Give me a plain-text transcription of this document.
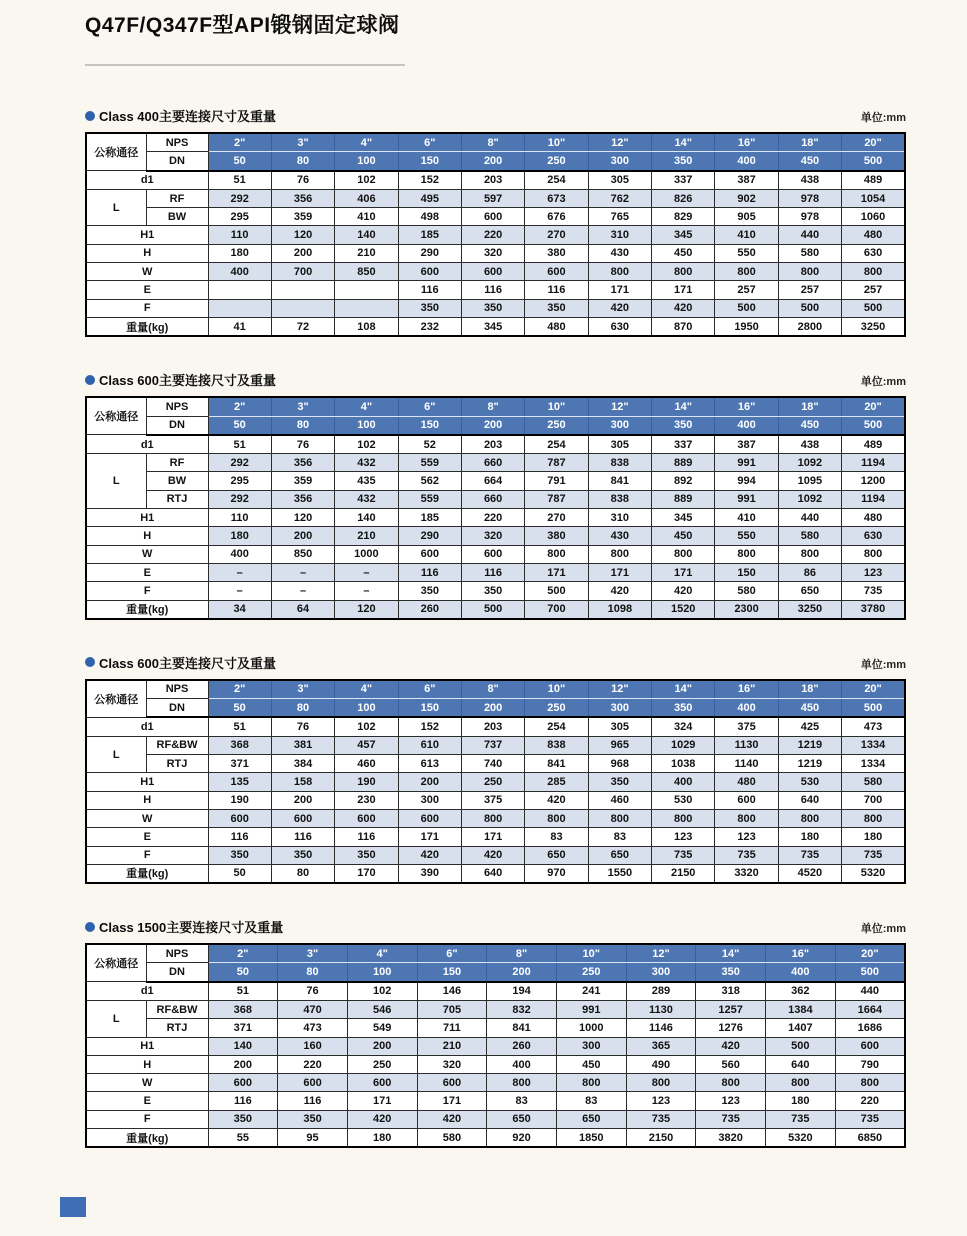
Q47F/Q347F型API锻钢固定球阀
Class 400主要连接尺寸及重量	单位:mm
公称通径	NPS	2"	3"	4"	6"	8"	10"	12"	14"	16"	18"	20"
	DN	50	80	100	150	200	250	300	350	400	450	500
d1		51	76	102	152	203	254	305	337	387	438	489
L	RF	292	356	406	495	597	673	762	826	902	978	1054
	BW	295	359	410	498	600	676	765	829	905	978	1060
H1		110	120	140	185	220	270	310	345	410	440	480
H		180	200	210	290	320	380	430	450	550	580	630
W		400	700	850	600	600	600	800	800	800	800	800
E					116	116	116	171	171	257	257	257
F					350	350	350	420	420	500	500	500
重量(kg)		41	72	108	232	345	480	630	870	1950	2800	3250
Class 600主要连接尺寸及重量	单位:mm
公称通径	NPS	2"	3"	4"	6"	8"	10"	12"	14"	16"	18"	20"
	DN	50	80	100	150	200	250	300	350	400	450	500
d1		51	76	102	52	203	254	305	337	387	438	489
L	RF	292	356	432	559	660	787	838	889	991	1092	1194
	BW	295	359	435	562	664	791	841	892	994	1095	1200
	RTJ	292	356	432	559	660	787	838	889	991	1092	1194
H1		110	120	140	185	220	270	310	345	410	440	480
H		180	200	210	290	320	380	430	450	550	580	630
W		400	850	1000	600	600	800	800	800	800	800	800
E		–	–	–	116	116	171	171	171	150	86	123
F		–	–	–	350	350	500	420	420	580	650	735
重量(kg)		34	64	120	260	500	700	1098	1520	2300	3250	3780
Class 600主要连接尺寸及重量	单位:mm
公称通径	NPS	2"	3"	4"	6"	8"	10"	12"	14"	16"	18"	20"
	DN	50	80	100	150	200	250	300	350	400	450	500
d1		51	76	102	152	203	254	305	324	375	425	473
L	RF&BW	368	381	457	610	737	838	965	1029	1130	1219	1334
	RTJ	371	384	460	613	740	841	968	1038	1140	1219	1334
H1		135	158	190	200	250	285	350	400	480	530	580
H		190	200	230	300	375	420	460	530	600	640	700
W		600	600	600	600	800	800	800	800	800	800	800
E		116	116	116	171	171	83	83	123	123	180	180
F		350	350	350	420	420	650	650	735	735	735	735
重量(kg)		50	80	170	390	640	970	1550	2150	3320	4520	5320
Class 1500主要连接尺寸及重量	单位:mm
公称通径	NPS	2"	3"	4"	6"	8"	10"	12"	14"	16"	20"
	DN	50	80	100	150	200	250	300	350	400	500
d1		51	76	102	146	194	241	289	318	362	440
L	RF&BW	368	470	546	705	832	991	1130	1257	1384	1664
	RTJ	371	473	549	711	841	1000	1146	1276	1407	1686
H1		140	160	200	210	260	300	365	420	500	600
H		200	220	250	320	400	450	490	560	640	790
W		600	600	600	600	800	800	800	800	800	800
E		116	116	171	171	83	83	123	123	180	220
F		350	350	420	420	650	650	735	735	735	735
重量(kg)		55	95	180	580	920	1850	2150	3820	5320	6850
